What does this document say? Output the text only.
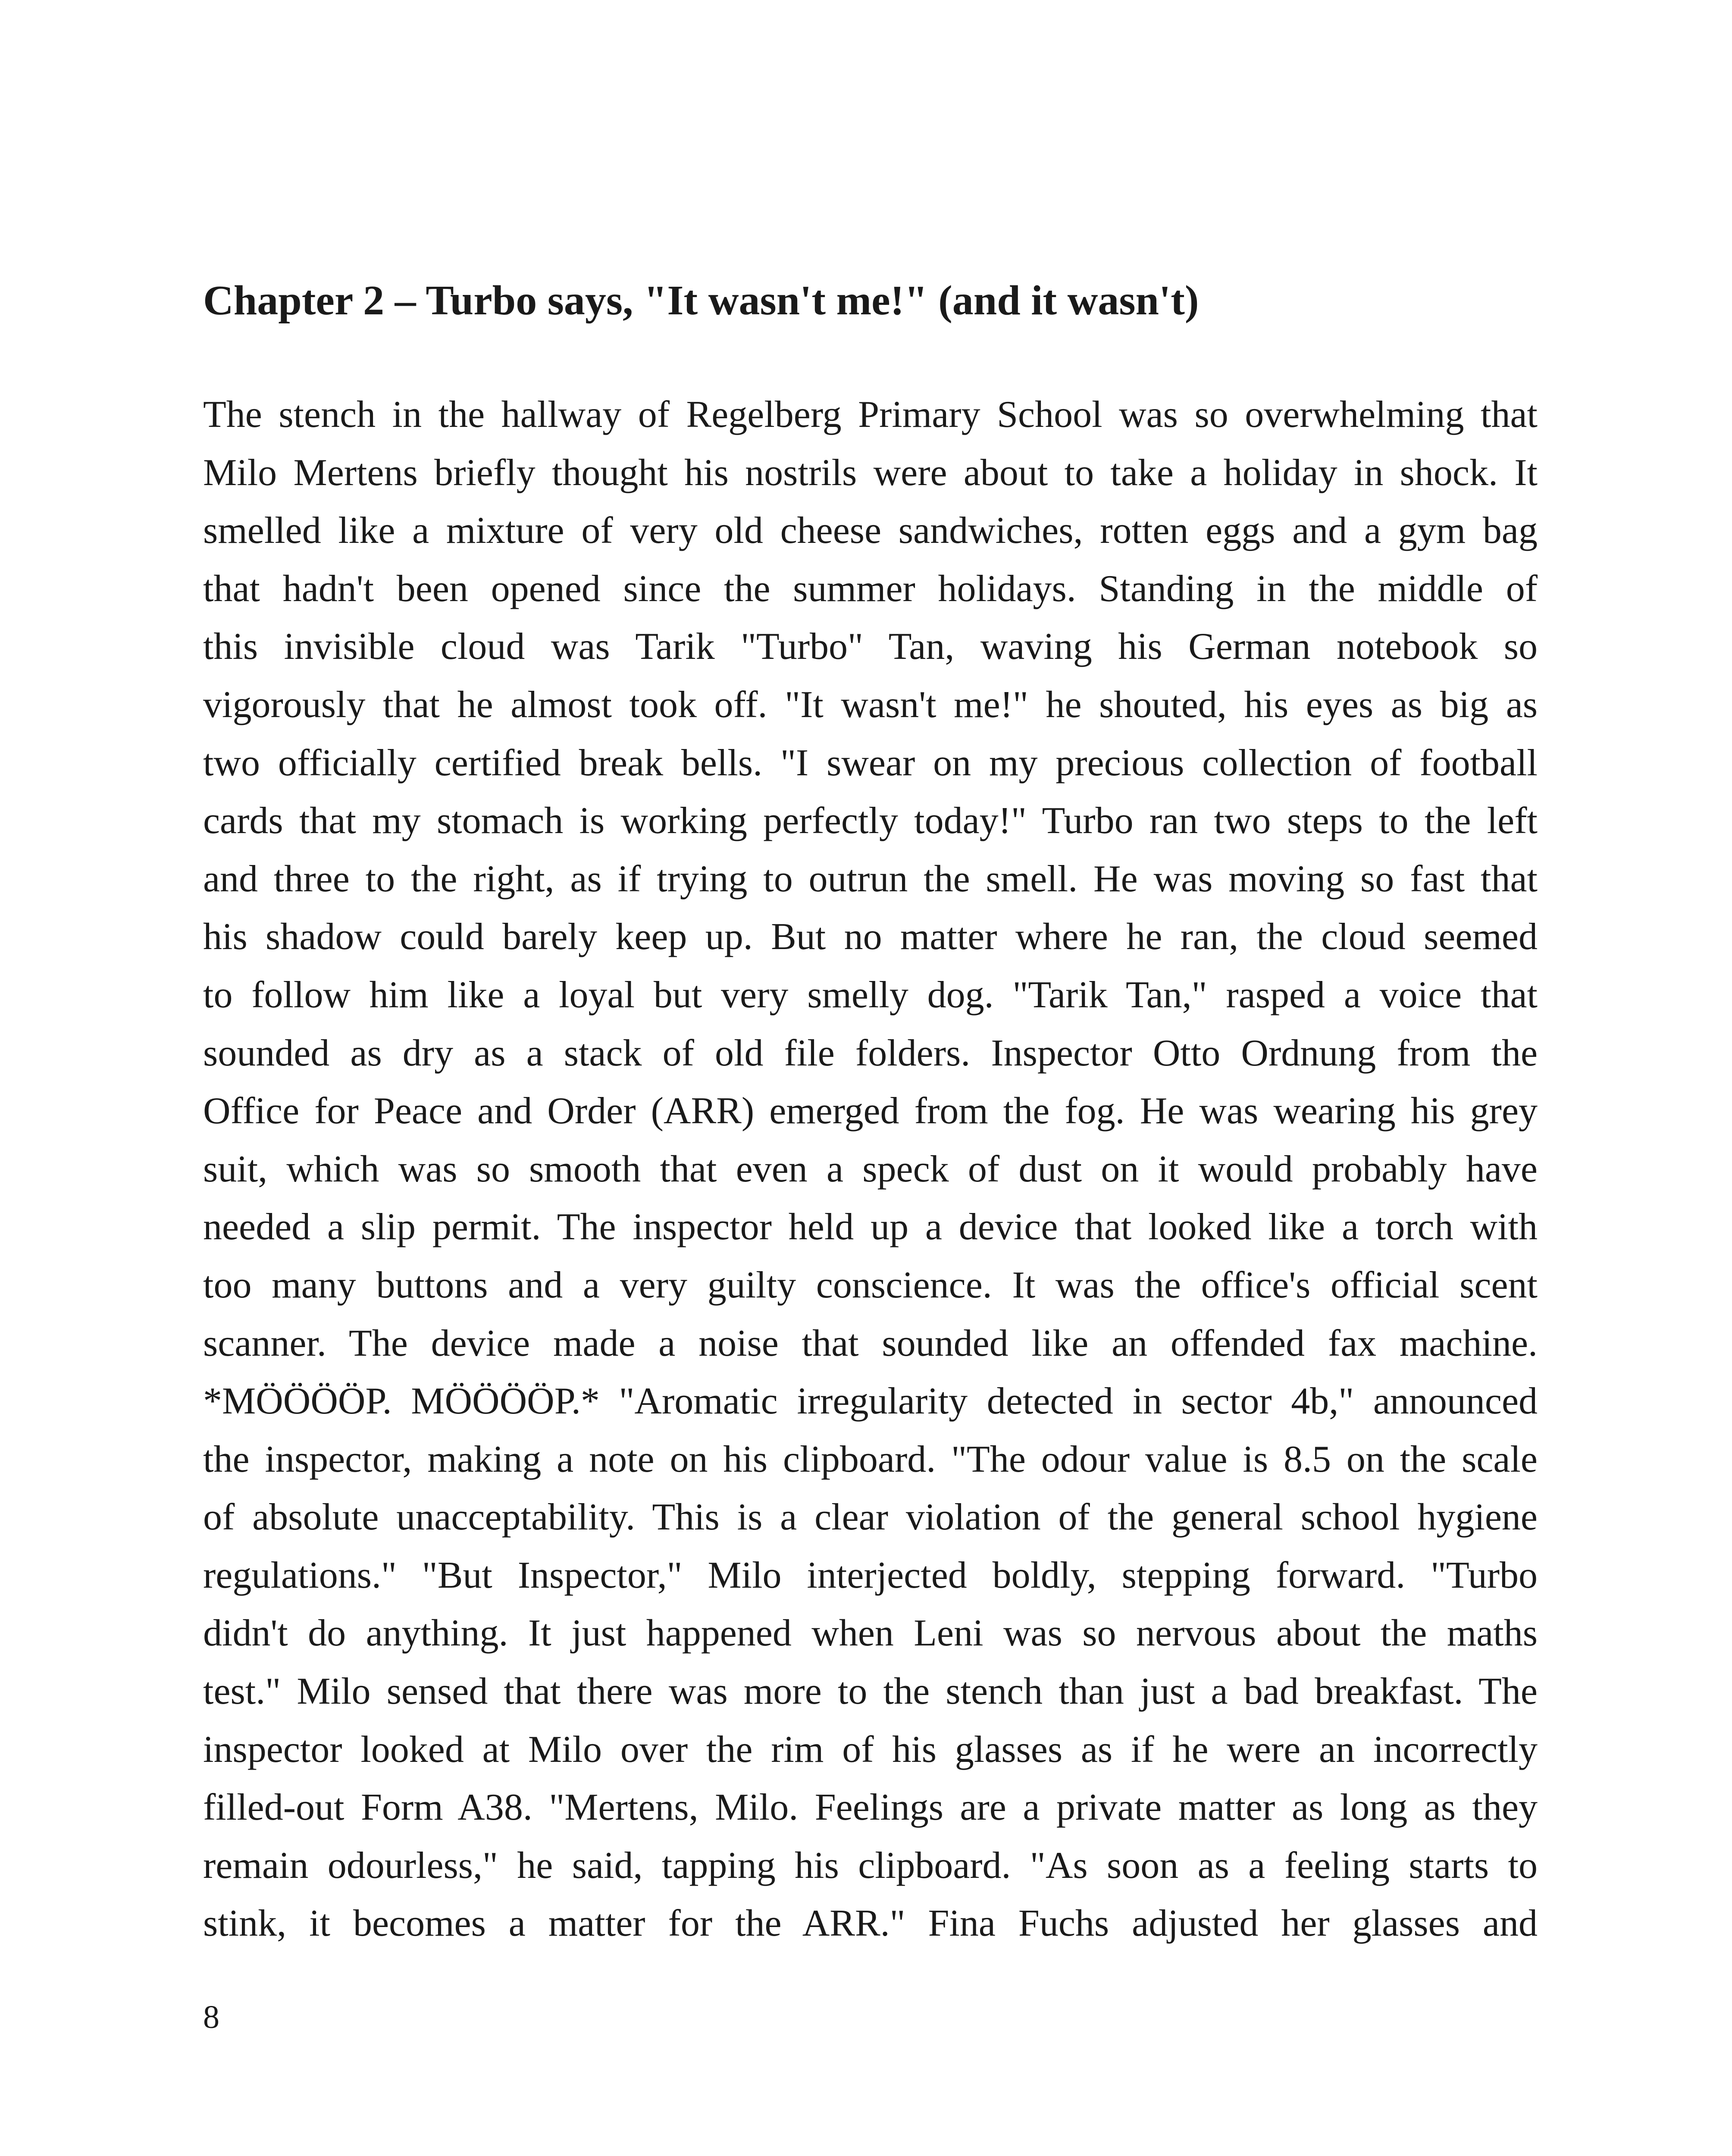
Chapter 2 – Turbo says, "It wasn't me!" (and it wasn't)
The stench in the hallway of Regelberg Primary School was so overwhelming that
Milo Mertens briefly thought his nostrils were about to take a holiday in shock. It
smelled like a mixture of very old cheese sandwiches, rotten eggs and a gym bag
that hadn't been opened since the summer holidays. Standing in the middle of
this invisible cloud was Tarik "Turbo" Tan, waving his German notebook so
vigorously that he almost took off. "It wasn't me!" he shouted, his eyes as big as
two officially certified break bells. "I swear on my precious collection of football
cards that my stomach is working perfectly today!" Turbo ran two steps to the left
and three to the right, as if trying to outrun the smell. He was moving so fast that
his shadow could barely keep up. But no matter where he ran, the cloud seemed
to follow him like a loyal but very smelly dog. "Tarik Tan," rasped a voice that
sounded as dry as a stack of old file folders. Inspector Otto Ordnung from the
Office for Peace and Order (ARR) emerged from the fog. He was wearing his grey
suit, which was so smooth that even a speck of dust on it would probably have
needed a slip permit. The inspector held up a device that looked like a torch with
too many buttons and a very guilty conscience. It was the office's official scent
scanner. The device made a noise that sounded like an offended fax machine.
*MÖÖÖÖP. MÖÖÖÖP.* "Aromatic irregularity detected in sector 4b," announced
the inspector, making a note on his clipboard. "The odour value is 8.5 on the scale
of absolute unacceptability. This is a clear violation of the general school hygiene
regulations." "But Inspector," Milo interjected boldly, stepping forward. "Turbo
didn't do anything. It just happened when Leni was so nervous about the maths
test." Milo sensed that there was more to the stench than just a bad breakfast. The
inspector looked at Milo over the rim of his glasses as if he were an incorrectly
filled-out Form A38. "Mertens, Milo. Feelings are a private matter as long as they
remain odourless," he said, tapping his clipboard. "As soon as a feeling starts to
stink, it becomes a matter for the ARR." Fina Fuchs adjusted her glasses and
8
